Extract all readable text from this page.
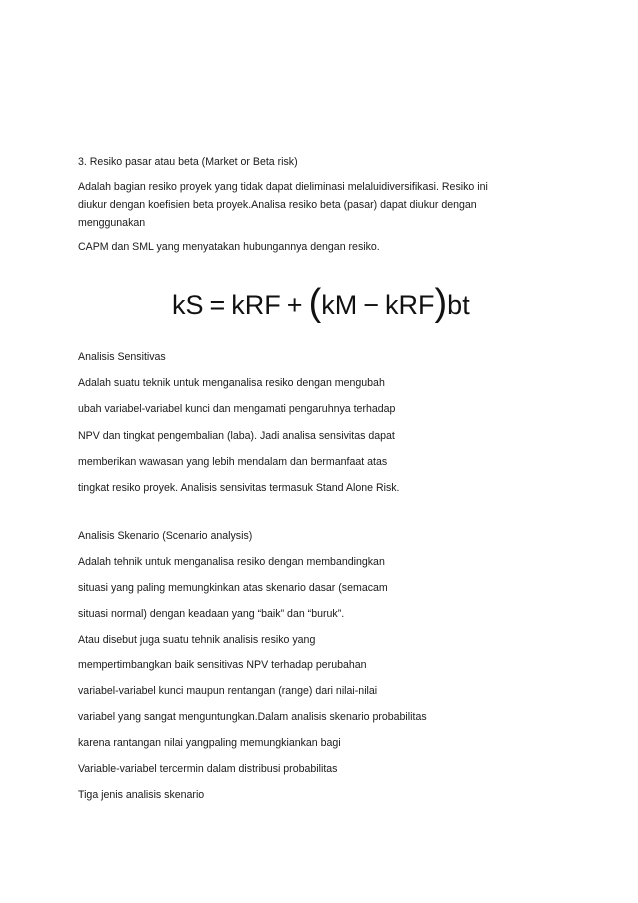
3. Resiko pasar atau beta (Market or Beta risk)
Adalah bagian resiko proyek yang tidak dapat dieliminasi melaluidiversifikasi. Resiko ini
diukur dengan koefisien beta proyek.Analisa resiko beta (pasar) dapat diukur dengan
menggunakan
CAPM dan SML yang menyatakan hubungannya dengan resiko.
kS = kRF + (kM − kRF)bt
Analisis Sensitivas
Adalah suatu teknik untuk menganalisa resiko dengan mengubah
ubah variabel-variabel kunci dan mengamati pengaruhnya terhadap
NPV dan tingkat pengembalian (laba). Jadi analisa sensivitas dapat
memberikan wawasan yang lebih mendalam dan bermanfaat atas
tingkat resiko proyek. Analisis sensivitas termasuk Stand Alone Risk.
Analisis Skenario (Scenario analysis)
Adalah tehnik untuk menganalisa resiko dengan membandingkan
situasi yang paling memungkinkan atas skenario dasar (semacam
situasi normal) dengan keadaan yang “baik” dan “buruk”.
Atau disebut juga suatu tehnik analisis resiko yang
mempertimbangkan baik sensitivas NPV terhadap perubahan
variabel-variabel kunci maupun rentangan (range) dari nilai-nilai
variabel yang sangat menguntungkan.Dalam analisis skenario probabilitas
karena rantangan nilai yangpaling memungkiankan bagi
Variable-variabel tercermin dalam distribusi probabilitas
Tiga jenis analisis skenario
